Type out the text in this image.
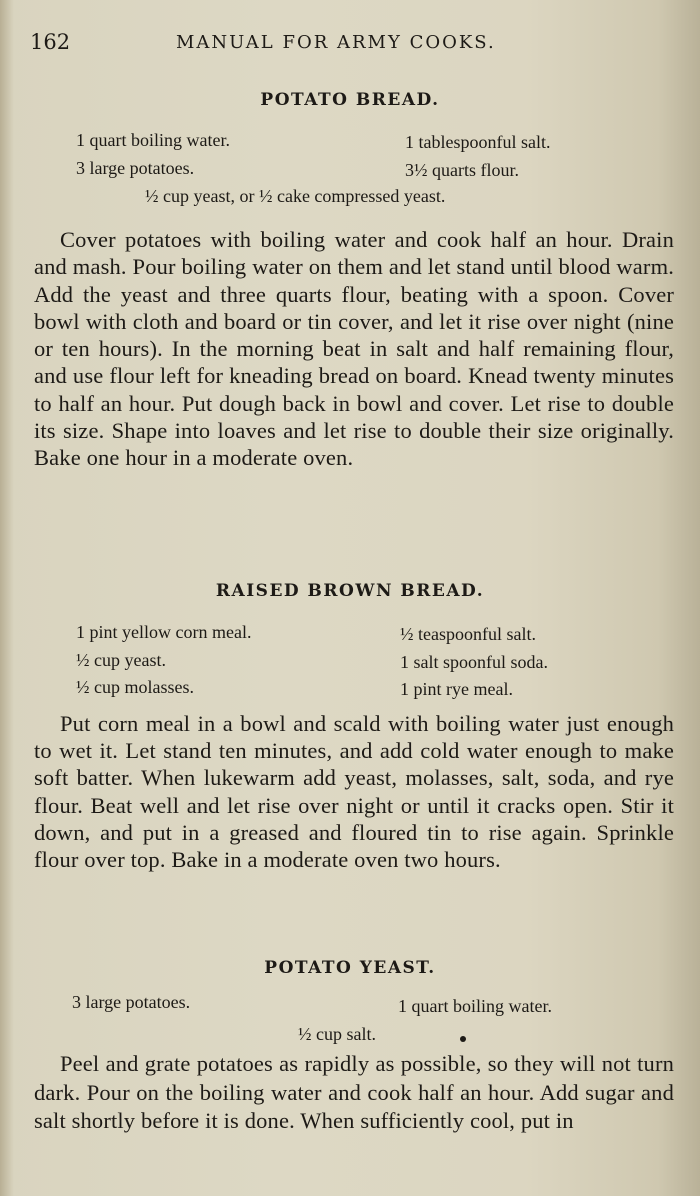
162	MANUAL FOR ARMY COOKS.
POTATO BREAD.
1 quart boiling water.	1 tablespoonful salt.
3 large potatoes.	3½ quarts flour.
½ cup yeast, or ½ cake compressed yeast.
Cover potatoes with boiling water and cook half an hour. Drain and mash. Pour boiling water on them and let stand until blood warm. Add the yeast and three quarts flour, beating with a spoon. Cover bowl with cloth and board or tin cover, and let it rise over night (nine or ten hours). In the morning beat in salt and half remaining flour, and use flour left for kneading bread on board. Knead twenty minutes to half an hour. Put dough back in bowl and cover. Let rise to double its size. Shape into loaves and let rise to double their size originally. Bake one hour in a moderate oven.
RAISED BROWN BREAD.
1 pint yellow corn meal.	½ teaspoonful salt.
½ cup yeast.	1 salt spoonful soda.
½ cup molasses.	1 pint rye meal.
Put corn meal in a bowl and scald with boiling water just enough to wet it. Let stand ten minutes, and add cold water enough to make soft batter. When lukewarm add yeast, molasses, salt, soda, and rye flour. Beat well and let rise over night or until it cracks open. Stir it down, and put in a greased and floured tin to rise again. Sprinkle flour over top. Bake in a moderate oven two hours.
POTATO YEAST.
3 large potatoes.	1 quart boiling water.
½ cup salt.
Peel and grate potatoes as rapidly as possible, so they will not turn dark. Pour on the boiling water and cook half an hour. Add sugar and salt shortly before it is done. When sufficiently cool, put in
